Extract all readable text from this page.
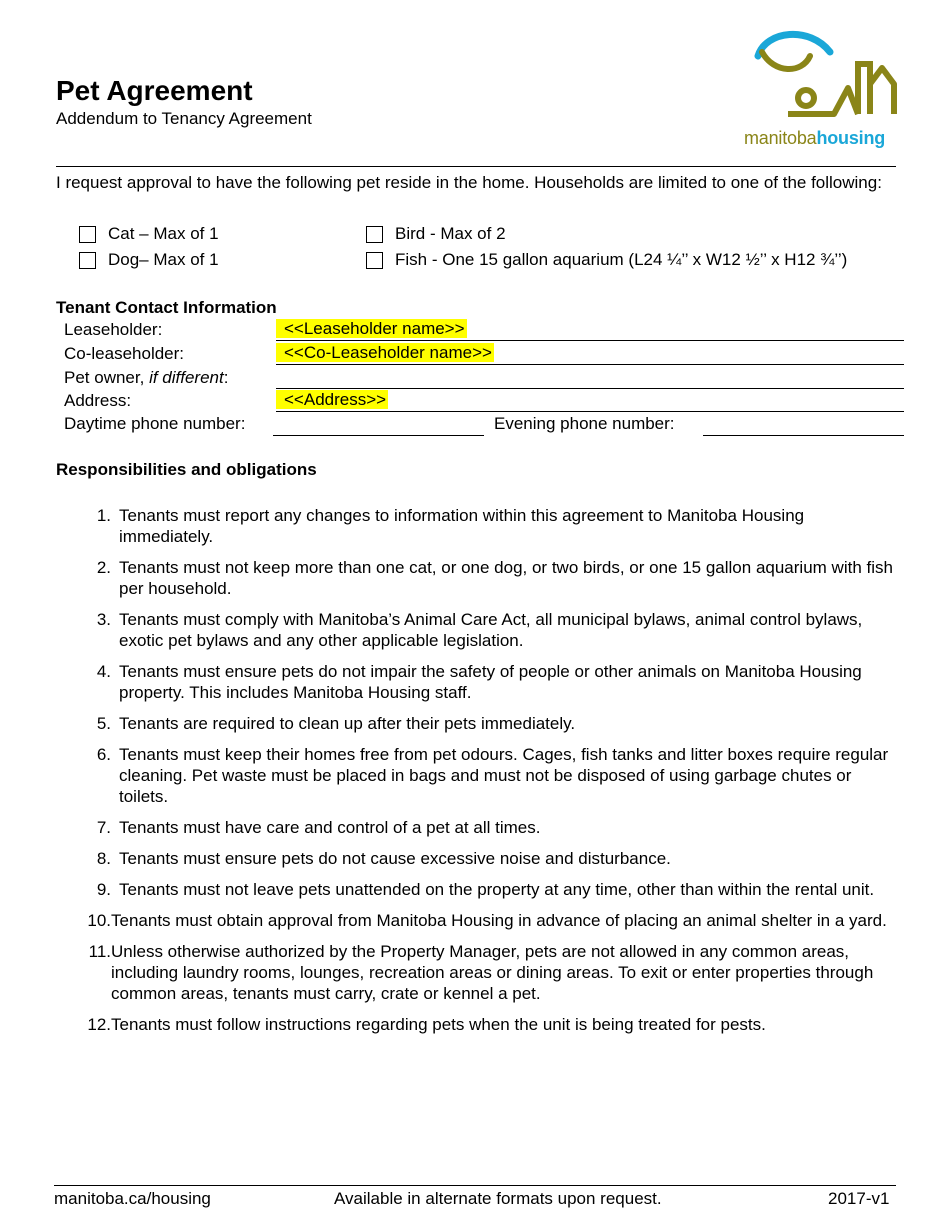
Pet Agreement
Addendum to Tenancy Agreement
manitobahousing
I request approval to have the following pet reside in the home. Households are limited to one of the following:
Cat – Max of 1
Dog– Max of 1
Bird - Max of 2
Fish - One 15 gallon aquarium (L24 ¼’’ x W12 ½’’ x H12 ¾’’)
Tenant Contact Information
Leaseholder:	<<Leaseholder name>>
Co-leaseholder:	<<Co-Leaseholder name>>
Pet owner, if different:
Address:	<<Address>>
Daytime phone number:	Evening phone number:
Responsibilities and obligations
1. Tenants must report any changes to information within this agreement to Manitoba Housing immediately.
2. Tenants must not keep more than one cat, or one dog, or two birds, or one 15 gallon aquarium with fish per household.
3. Tenants must comply with Manitoba’s Animal Care Act, all municipal bylaws, animal control bylaws, exotic pet bylaws and any other applicable legislation.
4. Tenants must ensure pets do not impair the safety of people or other animals on Manitoba Housing property. This includes Manitoba Housing staff.
5. Tenants are required to clean up after their pets immediately.
6. Tenants must keep their homes free from pet odours. Cages, fish tanks and litter boxes require regular cleaning. Pet waste must be placed in bags and must not be disposed of using garbage chutes or toilets.
7. Tenants must have care and control of a pet at all times.
8. Tenants must ensure pets do not cause excessive noise and disturbance.
9. Tenants must not leave pets unattended on the property at any time, other than within the rental unit.
10. Tenants must obtain approval from Manitoba Housing in advance of placing an animal shelter in a yard.
11. Unless otherwise authorized by the Property Manager, pets are not allowed in any common areas, including laundry rooms, lounges, recreation areas or dining areas. To exit or enter properties through common areas, tenants must carry, crate or kennel a pet.
12. Tenants must follow instructions regarding pets when the unit is being treated for pests.
manitoba.ca/housing	Available in alternate formats upon request.	2017-v1
